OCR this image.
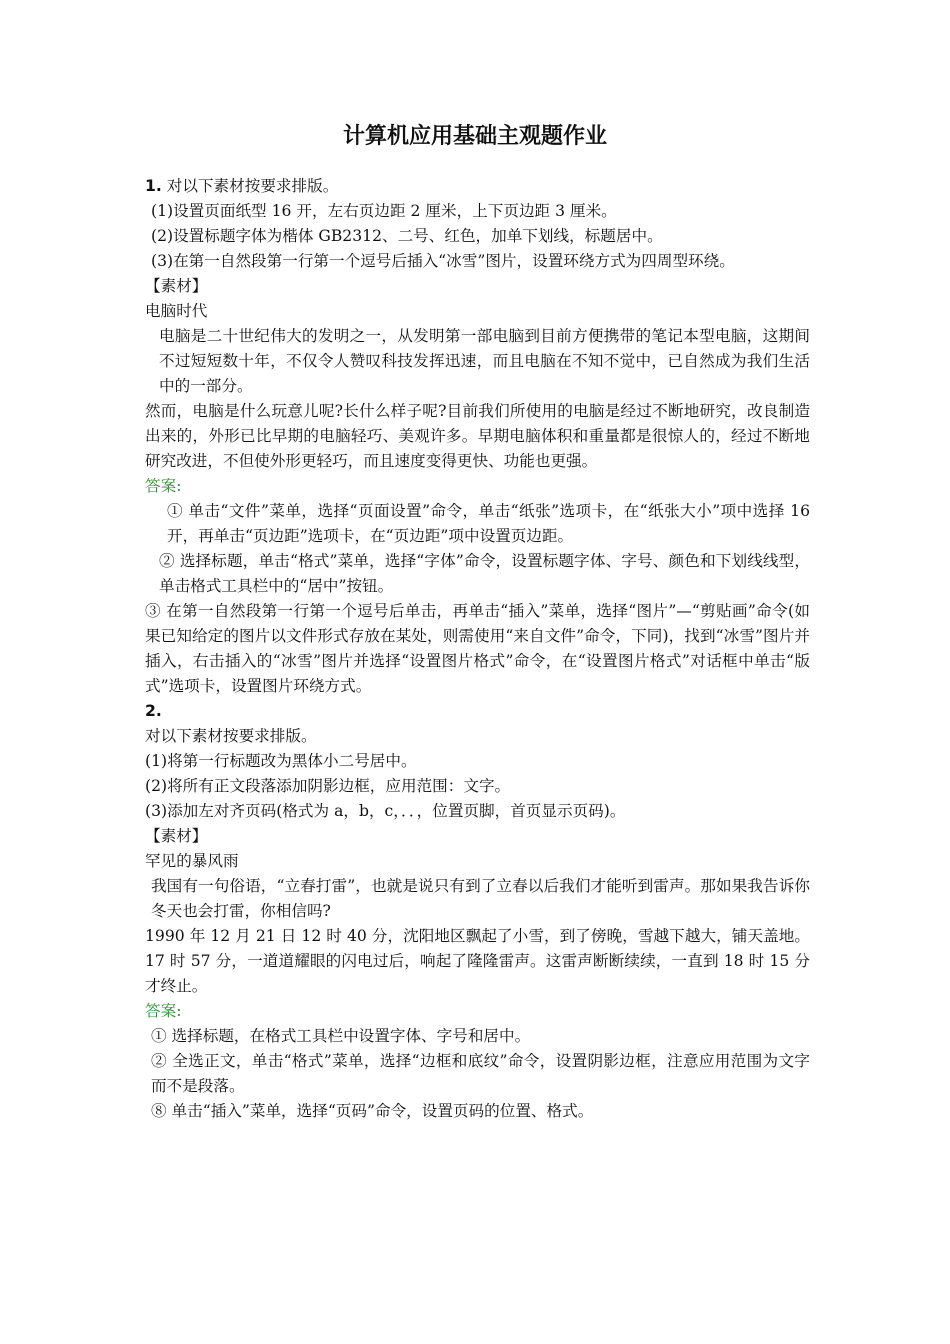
计算机应用基础主观题作业

1. 对以下素材按要求排版。

(1)设置页面纸型 16 开，左右页边距 2 厘米，上下页边距 3 厘米。

(2)设置标题字体为楷体 GB2312、二号、红色，加单下划线，标题居中。

(3)在第一自然段第一行第一个逗号后插入“冰雪”图片，设置环绕方式为四周型环绕。

【素材】

电脑时代

电脑是二十世纪伟大的发明之一，从发明第一部电脑到目前方便携带的笔记本型电脑，这期间不过短短数十年，不仅令人赞叹科技发挥迅速，而且电脑在不知不觉中，已自然成为我们生活中的一部分。

然而，电脑是什么玩意儿呢?长什么样子呢?目前我们所使用的电脑是经过不断地研究，改良制造出来的，外形已比早期的电脑轻巧、美观许多。早期电脑体积和重量都是很惊人的，经过不断地研究改进，不但使外形更轻巧，而且速度变得更快、功能也更强。

答案:

① 单击“文件”菜单，选择“页面设置”命令，单击“纸张”选项卡，在“纸张大小”项中选择 16 开，再单击“页边距”选项卡，在“页边距”项中设置页边距。

② 选择标题，单击“格式”菜单，选择“字体”命令，设置标题字体、字号、颜色和下划线线型，单击格式工具栏中的“居中”按钮。

③ 在第一自然段第一行第一个逗号后单击，再单击“插入”菜单，选择“图片”—“剪贴画”命令(如果已知给定的图片以文件形式存放在某处，则需使用“来自文件”命令，下同)，找到“冰雪”图片并插入，右击插入的“冰雪”图片并选择“设置图片格式”命令，在“设置图片格式”对话框中单击“版式”选项卡，设置图片环绕方式。

2.

对以下素材按要求排版。

(1)将第一行标题改为黑体小二号居中。

(2)将所有正文段落添加阴影边框，应用范围：文字。

(3)添加左对齐页码(格式为 a，b，c，．．，位置页脚，首页显示页码)。

【素材】

罕见的暴风雨

我国有一句俗语，“立春打雷”，也就是说只有到了立春以后我们才能听到雷声。那如果我告诉你冬天也会打雷，你相信吗?

1990 年 12 月 21 日 12 时 40 分，沈阳地区飘起了小雪，到了傍晚，雪越下越大，铺天盖地。17 时 57 分，一道道耀眼的闪电过后，响起了隆隆雷声。这雷声断断续续，一直到 18 时 15 分才终止。

答案:

① 选择标题，在格式工具栏中设置字体、字号和居中。

② 全选正文，单击“格式”菜单，选择“边框和底纹”命令，设置阴影边框，注意应用范围为文字而不是段落。

⑧ 单击“插入”菜单，选择“页码”命令，设置页码的位置、格式。
